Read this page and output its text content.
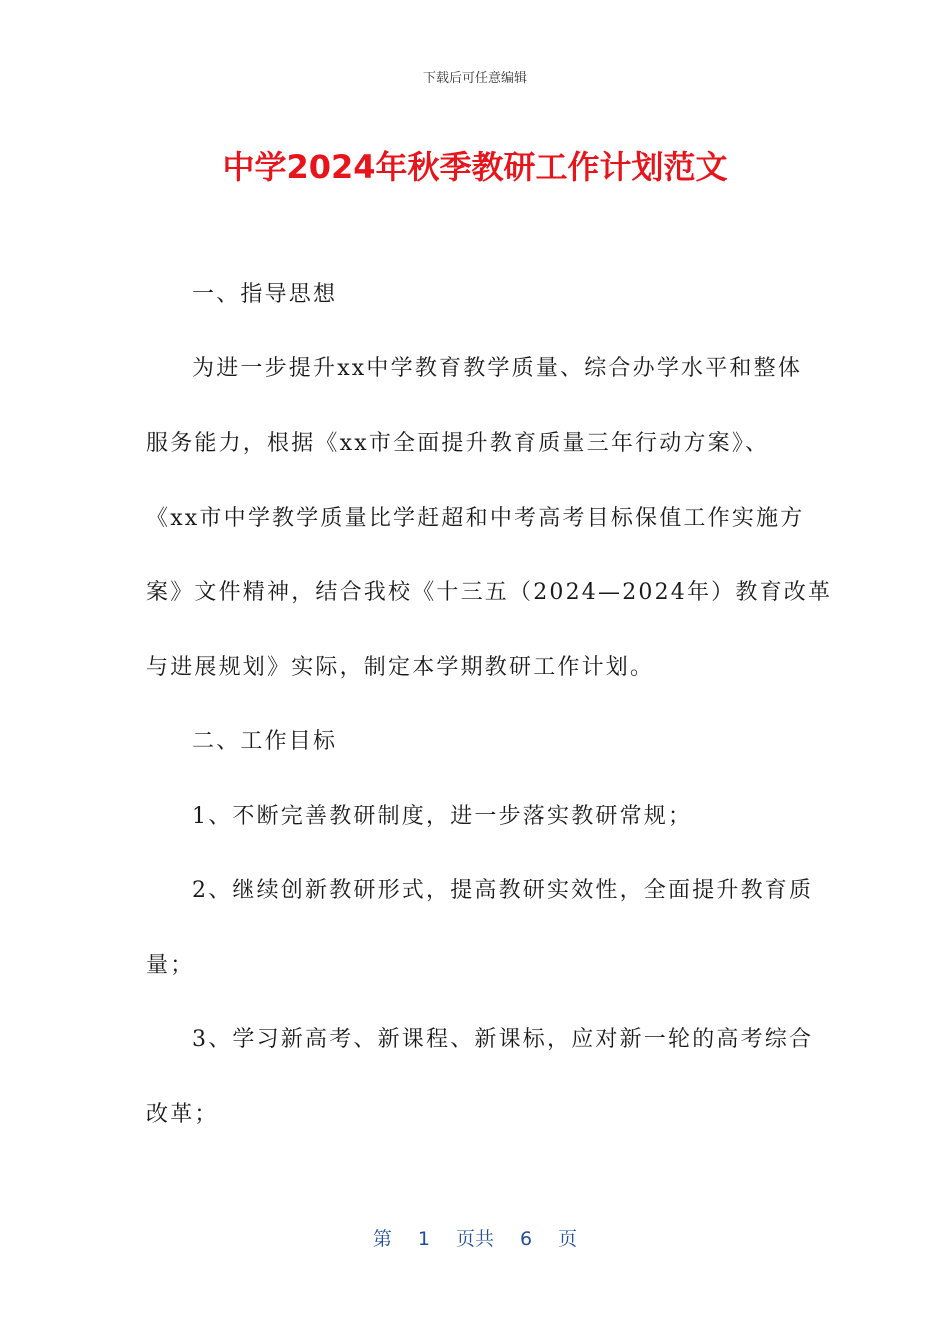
下载后可任意编辑
中学2024年秋季教研工作计划范文
一、指导思想
为进一步提升xx中学教育教学质量、综合办学水平和整体
服务能力，根据《xx市全面提升教育质量三年行动方案》、
《xx市中学教学质量比学赶超和中考高考目标保值工作实施方
案》文件精神，结合我校《十三五（2024—2024年）教育改革
与进展规划》实际，制定本学期教研工作计划。
二、工作目标
1、不断完善教研制度，进一步落实教研常规；
2、继续创新教研形式，提高教研实效性，全面提升教育质
量；
3、学习新高考、新课程、新课标，应对新一轮的高考综合
改革；
第 1 页共 6 页
